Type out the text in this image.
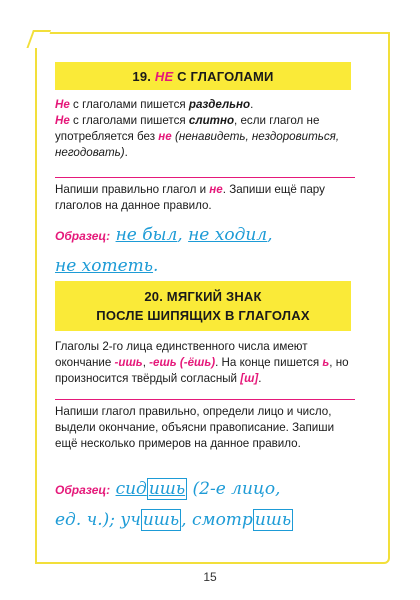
19. НЕ С ГЛАГОЛАМИ
Не с глаголами пишется раздельно.
Не с глаголами пишется слитно, если глагол не употребляется без не (ненавидеть, нездоровиться, негодовать).
Напиши правильно глагол и не. Запиши ещё пару глаголов на данное правило.
Образец: не был, не ходил,
не хотеть.
20. МЯГКИЙ ЗНАК
ПОСЛЕ ШИПЯЩИХ В ГЛАГОЛАХ
Глаголы 2-го лица единственного числа имеют окончание -ишь, -ешь (-ёшь). На конце пишется ь, но произносится твёрдый согласный [ш].
Напиши глагол правильно, определи лицо и число, выдели окончание, объясни правописание. Запиши ещё несколько примеров на данное правило.
Образец: сид ишь (2-е лицо,
ед. ч.); уч ишь , смотр ишь
15
